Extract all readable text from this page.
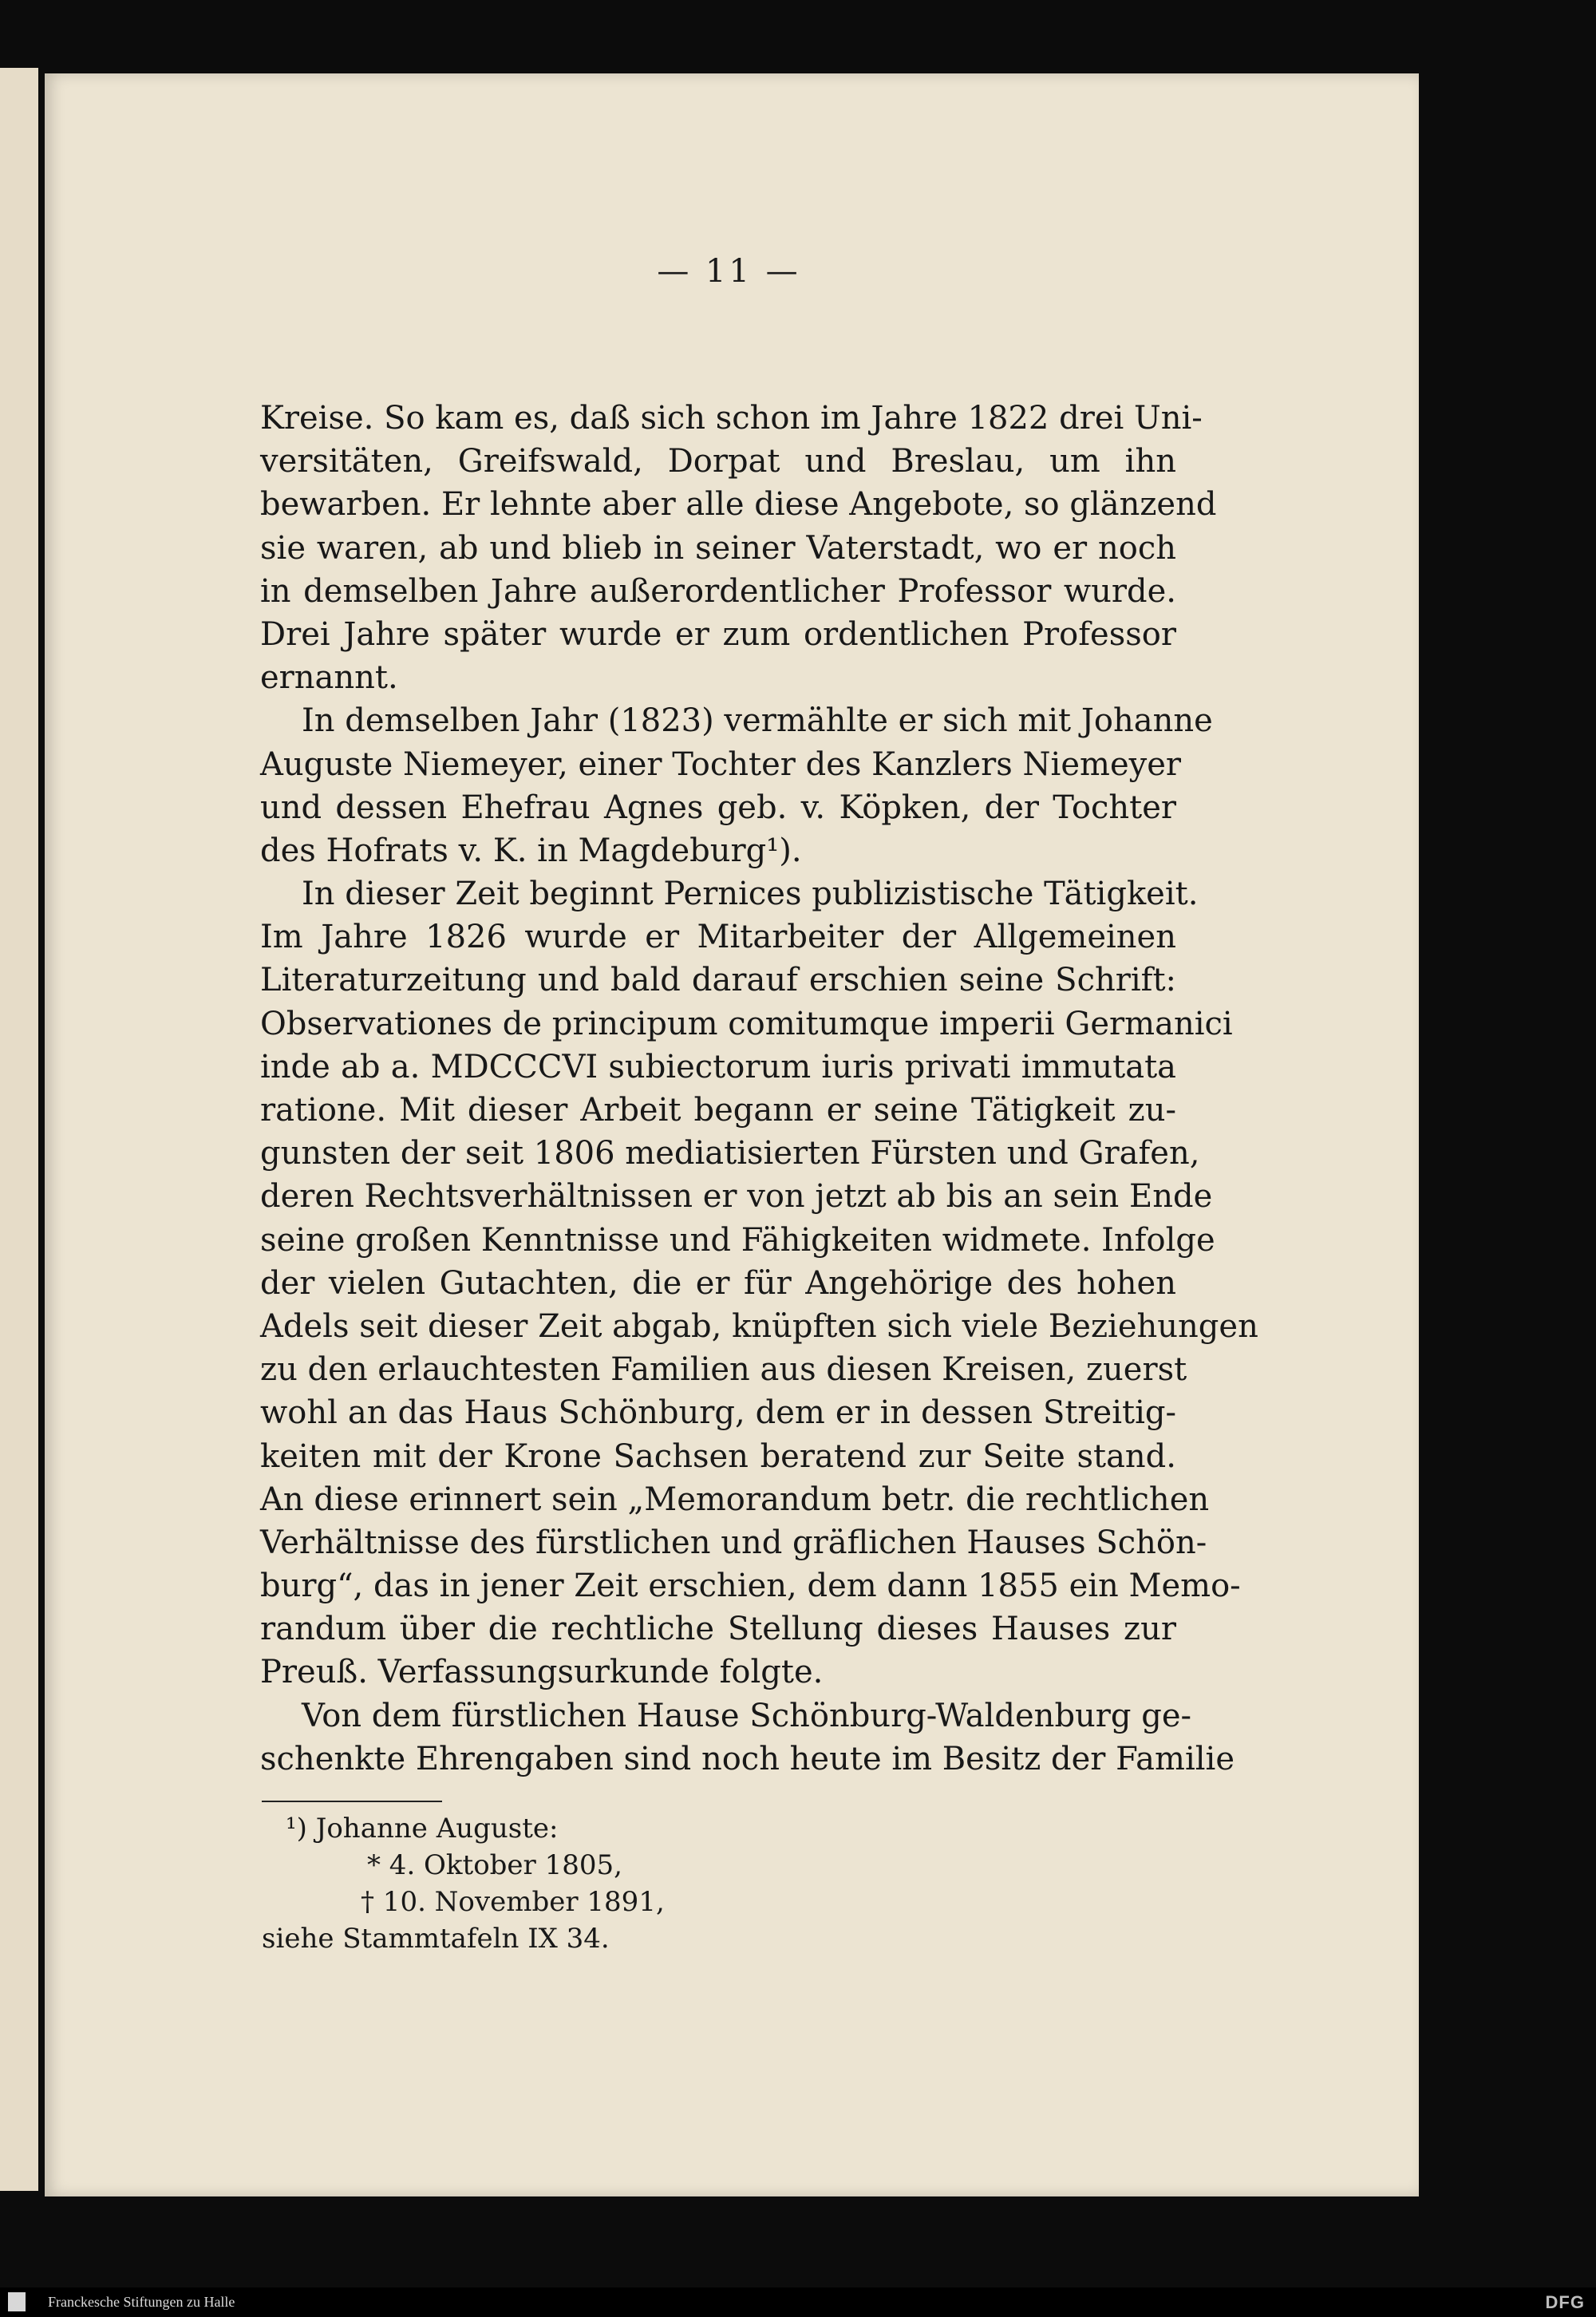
— 11 —
Kreise. So kam es, daß sich schon im Jahre 1822 drei Uni-
versitäten, Greifswald, Dorpat und Breslau, um ihn
bewarben. Er lehnte aber alle diese Angebote, so glänzend
sie waren, ab und blieb in seiner Vaterstadt, wo er noch
in demselben Jahre außerordentlicher Professor wurde.
Drei Jahre später wurde er zum ordentlichen Professor
ernannt.
In demselben Jahr (1823) vermählte er sich mit Johanne
Auguste Niemeyer, einer Tochter des Kanzlers Niemeyer
und dessen Ehefrau Agnes geb. v. Köpken, der Tochter
des Hofrats v. K. in Magdeburg¹).
In dieser Zeit beginnt Pernices publizistische Tätigkeit.
Im Jahre 1826 wurde er Mitarbeiter der Allgemeinen
Literaturzeitung und bald darauf erschien seine Schrift:
Observationes de principum comitumque imperii Germanici
inde ab a. MDCCCVI subiectorum iuris privati immutata
ratione. Mit dieser Arbeit begann er seine Tätigkeit zu-
gunsten der seit 1806 mediatisierten Fürsten und Grafen,
deren Rechtsverhältnissen er von jetzt ab bis an sein Ende
seine großen Kenntnisse und Fähigkeiten widmete. Infolge
der vielen Gutachten, die er für Angehörige des hohen
Adels seit dieser Zeit abgab, knüpften sich viele Beziehungen
zu den erlauchtesten Familien aus diesen Kreisen, zuerst
wohl an das Haus Schönburg, dem er in dessen Streitig-
keiten mit der Krone Sachsen beratend zur Seite stand.
An diese erinnert sein „Memorandum betr. die rechtlichen
Verhältnisse des fürstlichen und gräflichen Hauses Schön-
burg“, das in jener Zeit erschien, dem dann 1855 ein Memo-
randum über die rechtliche Stellung dieses Hauses zur
Preuß. Verfassungsurkunde folgte.
Von dem fürstlichen Hause Schönburg-Waldenburg ge-
schenkte Ehrengaben sind noch heute im Besitz der Familie
¹) Johanne Auguste:
* 4. Oktober 1805,
† 10. November 1891,
siehe Stammtafeln IX 34.
Franckesche Stiftungen zu Halle	DFG
